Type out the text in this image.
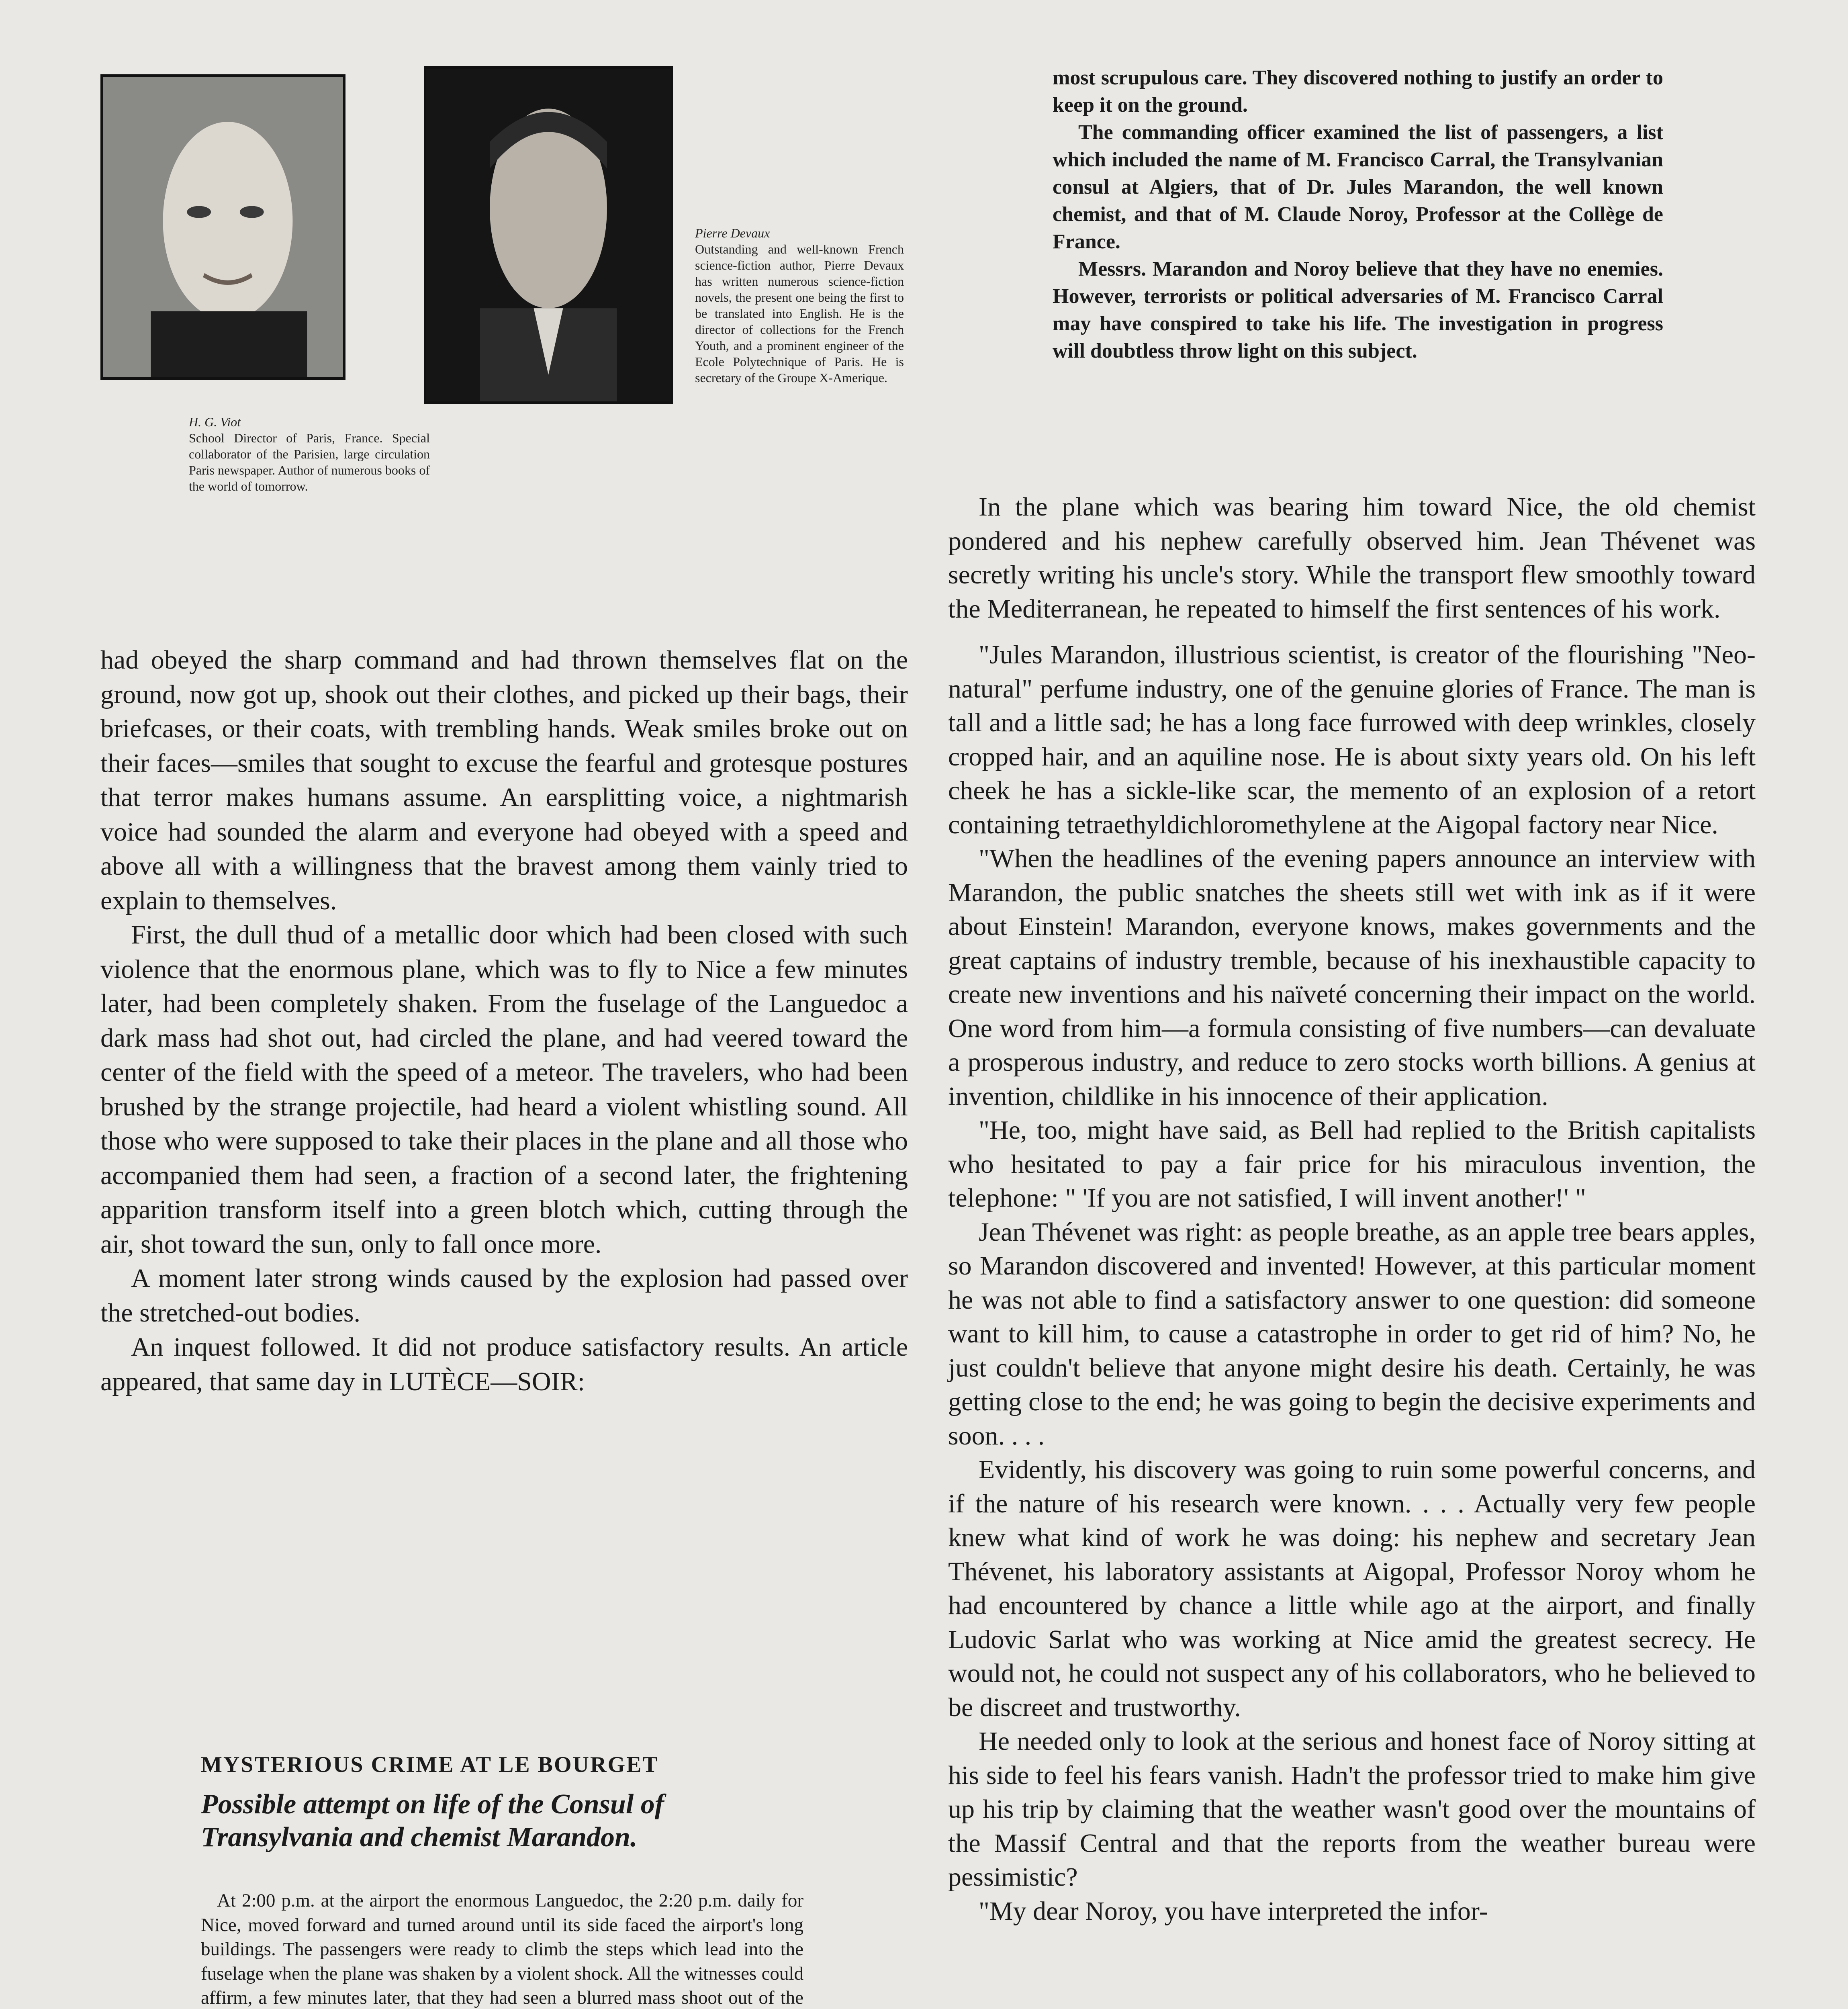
H. G. Viot
School Director of Paris, France. Special collaborator of the Parisien, large circulation Paris newspaper. Author of numerous books of the world of tomorrow.
Pierre Devaux
Outstanding and well-known French science-fiction author, Pierre Devaux has written numerous science-fiction novels, the present one being the first to be translated into English. He is the director of collections for the French Youth, and a prominent engineer of the Ecole Polytechnique of Paris. He is secretary of the Groupe X-Amerique.

most scrupulous care. They discovered nothing to justify an order to keep it on the ground.

The commanding officer examined the list of passengers, a list which included the name of M. Francisco Carral, the Transylvanian consul at Algiers, that of Dr. Jules Marandon, the well known chemist, and that of M. Claude Noroy, Professor at the Collège de France.

Messrs. Marandon and Noroy believe that they have no enemies. However, terrorists or political adversaries of M. Francisco Carral may have conspired to take his life. The investigation in progress will doubtless throw light on this subject.

had obeyed the sharp command and had thrown themselves flat on the ground, now got up, shook out their clothes, and picked up their bags, their briefcases, or their coats, with trembling hands. Weak smiles broke out on their faces—smiles that sought to excuse the fearful and grotesque postures that terror makes humans assume. An earsplitting voice, a nightmarish voice had sounded the alarm and everyone had obeyed with a speed and above all with a willingness that the bravest among them vainly tried to explain to themselves.

First, the dull thud of a metallic door which had been closed with such violence that the enormous plane, which was to fly to Nice a few minutes later, had been completely shaken. From the fuselage of the Languedoc a dark mass had shot out, had circled the plane, and had veered toward the center of the field with the speed of a meteor. The travelers, who had been brushed by the strange projectile, had heard a violent whistling sound. All those who were supposed to take their places in the plane and all those who accompanied them had seen, a fraction of a second later, the frightening apparition transform itself into a green blotch which, cutting through the air, shot toward the sun, only to fall once more.

A moment later strong winds caused by the explosion had passed over the stretched-out bodies.

An inquest followed. It did not produce satisfactory results. An article appeared, that same day in LUTÈCE—SOIR:

MYSTERIOUS CRIME AT LE BOURGET
Possible attempt on life of the Consul of Transylvania and chemist Marandon.

At 2:00 p.m. at the airport the enormous Languedoc, the 2:20 p.m. daily for Nice, moved forward and turned around until its side faced the airport's long buildings. The passengers were ready to climb the steps which lead into the fuselage when the plane was shaken by a violent shock. All the witnesses could affirm, a few minutes later, that they had seen a blurred mass shoot out of the

In the plane which was bearing him toward Nice, the old chemist pondered and his nephew carefully observed him. Jean Thévenet was secretly writing his uncle's story. While the transport flew smoothly toward the Mediterranean, he repeated to himself the first sentences of his work.

"Jules Marandon, illustrious scientist, is creator of the flourishing "Neo-natural" perfume industry, one of the genuine glories of France. The man is tall and a little sad; he has a long face furrowed with deep wrinkles, closely cropped hair, and an aquiline nose. He is about sixty years old. On his left cheek he has a sickle-like scar, the memento of an explosion of a retort containing tetraethyldichloromethylene at the Aigopal factory near Nice.

"When the headlines of the evening papers announce an interview with Marandon, the public snatches the sheets still wet with ink as if it were about Einstein! Marandon, everyone knows, makes governments and the great captains of industry tremble, because of his inexhaustible capacity to create new inventions and his naïveté concerning their impact on the world. One word from him—a formula consisting of five numbers—can devaluate a prosperous industry, and reduce to zero stocks worth billions. A genius at invention, childlike in his innocence of their application.

"He, too, might have said, as Bell had replied to the British capitalists who hesitated to pay a fair price for his miraculous invention, the telephone: " 'If you are not satisfied, I will invent another!' "

Jean Thévenet was right: as people breathe, as an apple tree bears apples, so Marandon discovered and invented! However, at this particular moment he was not able to find a satisfactory answer to one question: did someone want to kill him, to cause a catastrophe in order to get rid of him? No, he just couldn't believe that anyone might desire his death. Certainly, he was getting close to the end; he was going to begin the decisive experiments and soon. . . .

Evidently, his discovery was going to ruin some powerful concerns, and if the nature of his research were known. . . . Actually very few people knew what kind of work he was doing: his nephew and secretary Jean Thévenet, his laboratory assistants at Aigopal, Professor Noroy whom he had encountered by chance a little while ago at the airport, and finally Ludovic Sarlat who was working at Nice amid the greatest secrecy. He would not, he could not suspect any of his collaborators, who he believed to be discreet and trustworthy.

He needed only to look at the serious and honest face of Noroy sitting at his side to feel his fears vanish. Hadn't the professor tried to make him give up his trip by claiming that the weather wasn't good over the mountains of the Massif Central and that the reports from the weather bureau were pessimistic?

"My dear Noroy, you have interpreted the infor-
